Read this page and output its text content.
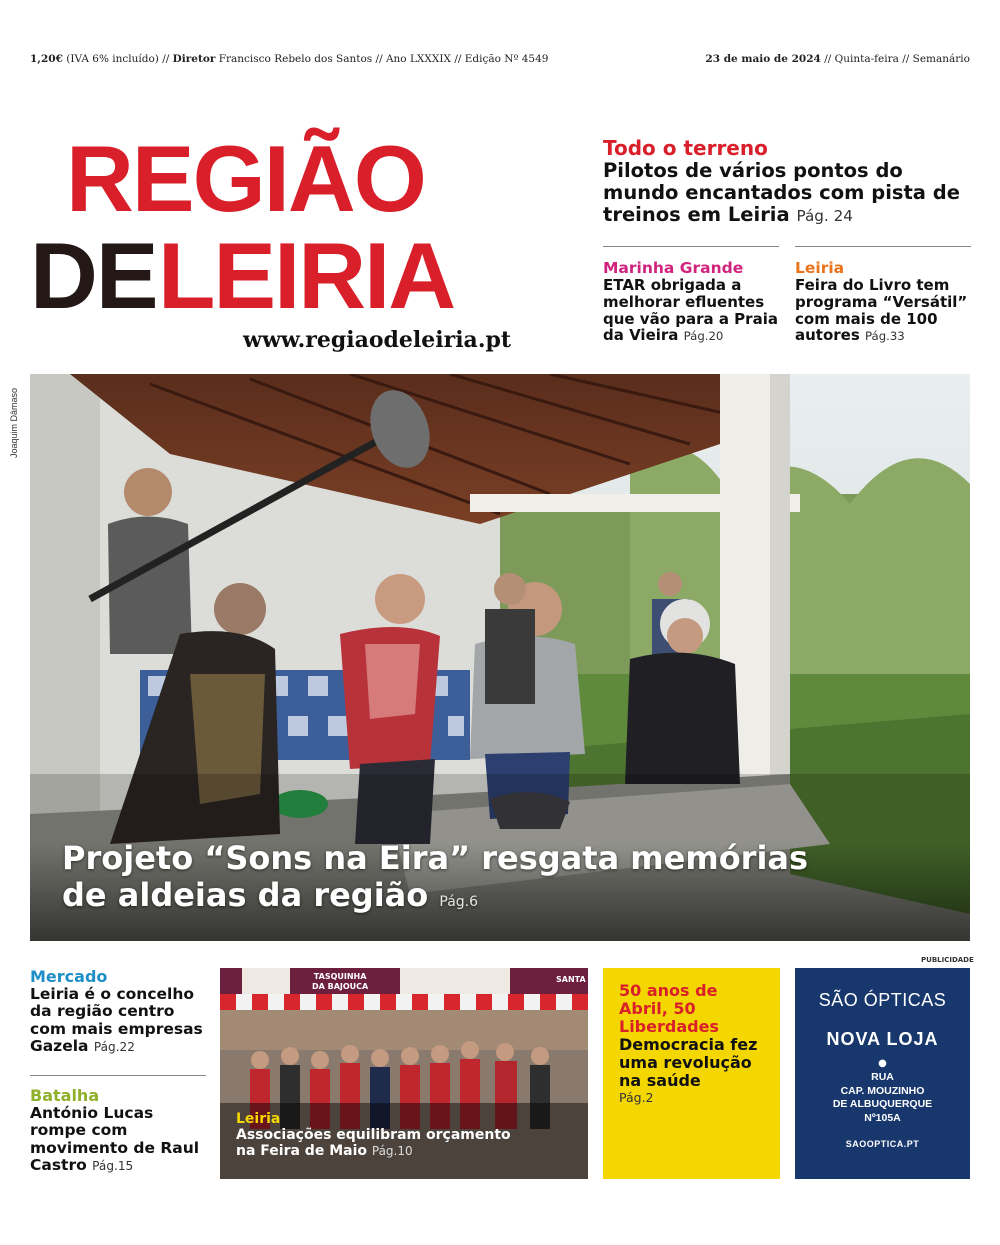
1,20€ (IVA 6% incluído) // Diretor Francisco Rebelo dos Santos // Ano LXXXIX // Edição Nº 4549	23 de maio de 2024 // Quinta-feira // Semanário
REGIÃO
DE LEIRIA
www.regiaodeleiria.pt
Todo o terreno
Pilotos de vários pontos do mundo encantados com pista de treinos em Leiria Pág. 24
Marinha Grande
ETAR obrigada a melhorar efluentes que vão para a Praia da Vieira Pág.20
Leiria
Feira do Livro tem programa “Versátil” com mais de 100 autores Pág.33
Joaquim Dâmaso
Projeto “Sons na Eira” resgata memórias
de aldeias da região Pág.6
Mercado
Leiria é o concelho da região centro com mais empresas Gazela Pág.22
Batalha
António Lucas rompe com movimento de Raul Castro Pág.15
TASQUINHA
DA BAJOUCA
SANTA
Leiria
Associações equilibram orçamento
na Feira de Maio Pág.10
50 anos de Abril, 50 Liberdades
Democracia fez uma revolução na saúde
Pág.2
PUBLICIDADE
SÃO ÓPTICAS
NOVA LOJA
●
RUA
CAP. MOUZINHO
DE ALBUQUERQUE
Nº105A
SAOOPTICA.PT
